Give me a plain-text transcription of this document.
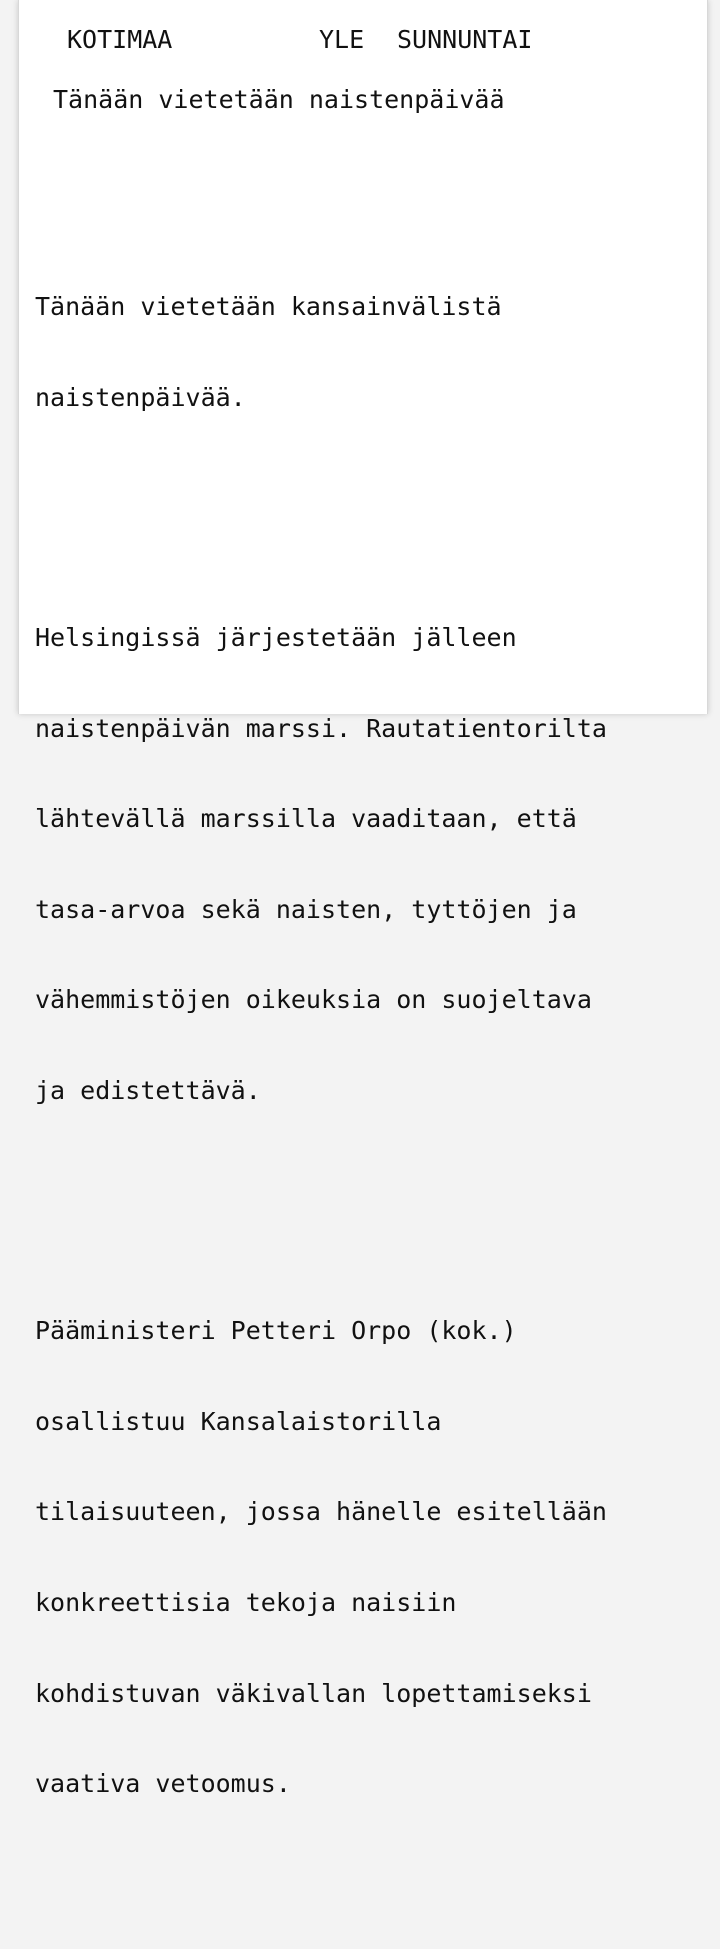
KOTIMAA

	YLE

SUNNUNTAI

Tänään vietetään naistenpäivää

Tänään vietetään kansainvälistä

naistenpäivää.

Helsingissä järjestetään jälleen

naistenpäivän marssi. Rautatientorilta

lähtevällä marssilla vaaditaan, että

tasa-arvoa sekä naisten, tyttöjen ja

vähemmistöjen oikeuksia on suojeltava

ja edistettävä.

Pääministeri Petteri Orpo (kok.)

osallistuu Kansalaistorilla

tilaisuuteen, jossa hänelle esitellään

konkreettisia tekoja naisiin

kohdistuvan väkivallan lopettamiseksi

vaativa vetoomus.
